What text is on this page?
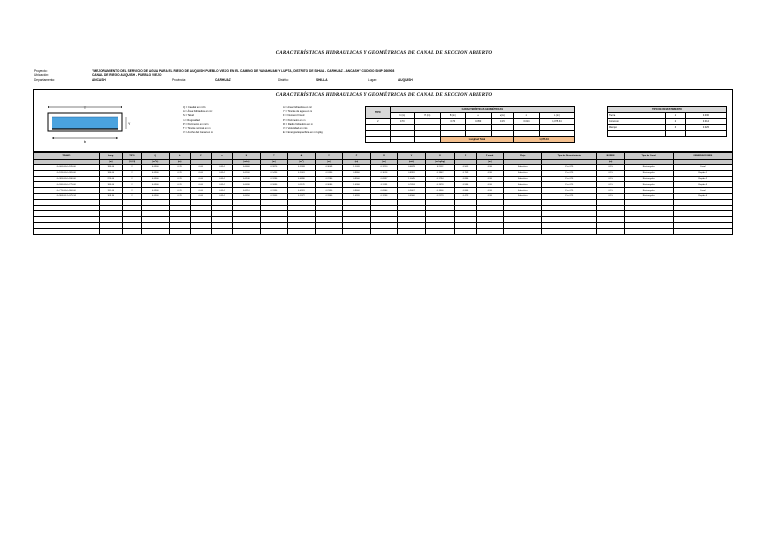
CARACTERÍSTICAS HIDRAULICAS Y GEOMÉTRICAS DE CANAL DE SECCION ABIERTO
Proyecto:	"MEJORAMIENTO DEL SERVICIO DE AGUA PARA EL RIEGO DE AUQUISH PUEBLO VIEJO EN EL CAMINO DE YANAHUAM Y LUPTA, DISTRITO DE SIHUA - CARHUAZ - ANCASH" CODIGO SNIP 266908
Ubicación:	CANAL DE RIEGO AUQUISH - PUEBLO VIEJO
Departamento:	ANCASH	Provincia:	CARHUAZ	Distrito:	SHILLA	Lugar:	AUQUISH
CARACTERÍSTICAS HIDRAULICAS Y GEOMÉTRICAS DE CANAL DE SECCION ABIERTO
T
Y
b
Q = Caudal en m³/s
A = Área hidráulica en m²
S = Talud
n = Rugosidad
P = Perímetro en m/m
T = Tirante normal en m
V = Ancho del Canal en m
A = Area hidraulica en m²
Y = Tirante de agua en m
F = Numero Froud
P = Perimetro en m
R = Radio hidraulico en m
V = Velocidad en m/s
E = Energía Especifica en m kg/kg
TIPO	CARACTERÍSTICAS GEOMÉTRICAS						
	b (m)	H (m)	B (m)	e	e(m)	n	L (m)
2	0.70		0.70	0.050	0.15	0.014	1,075.34

			Longitud Total			1,075.34	
TIPO DE REVESTIMIENTO		
Tierra	1	0.030
Concreto	2	0.014
Mampo	3	0.025

TRAMO	Long.	TIPO	Q	b	Z	n	S	T	A	Y	P	R	V	E	F	F cond.	Flujo	Tipo de Revestimiento	BORDE	Tipo de Canal	OBSERVACIONES
	(m)	(1,2,3)	(m³/s)	(m)			(m/m)	(m)	(m²)	(m)	(m)	(m)	(m/s)	(m kg/kg)		(m)			(m)		
0+000.00-0+185.00	185.00	2	0.0900	0.70	0.00	0.014	0.0060	0.1870	0.1309	0.3009	1.1020	0.1210	0.6878	0.2112	0.505	0.90	Subcrítico	F'c=175	0.15	Rectangular	Canal
0+185.00-0+365.00	180.00	2	0.0900	0.70	0.00	0.014	0.0160	0.1430	0.1001	0.2430	0.9860	0.1016	0.8991	0.1842	0.759	0.90	Subcrítico	F'c=175	0.15	Rectangular	Rapida 1
0+365.00-0+590.00	225.00	2	0.0900	0.70	0.00	0.014	0.0240	0.1280	0.0896	0.2280	0.9560	0.0937	1.0045	0.1794	0.896	0.90	Subcrítico	F'c=175	0.15	Rectangular	Rapida 2
0+590.00-0+775.00	185.00	2	0.0900	0.70	0.00	0.014	0.0090	0.1680	0.1176	0.3080	1.0360	0.1135	0.7653	0.1978	0.596	0.90	Subcrítico	F'c=175	0.15	Rectangular	Rapida 3
0+775.00-0+966.00	191.00	2	0.0900	0.70	0.00	0.014	0.0210	0.1330	0.0931	0.2330	0.9660	0.0964	0.9667	0.1806	0.846	0.90	Subcrítico	F'c=175	0.15	Rectangular	Canal
0+966.00-1+075.34	109.34	2	0.0900	0.70	0.00	0.014	0.0050	0.1960	0.1372	0.3360	1.0920	0.1256	0.6560	0.2179	0.473	0.90	Subcrítico	F'c=175	0.15	Rectangular	Rapida 4
